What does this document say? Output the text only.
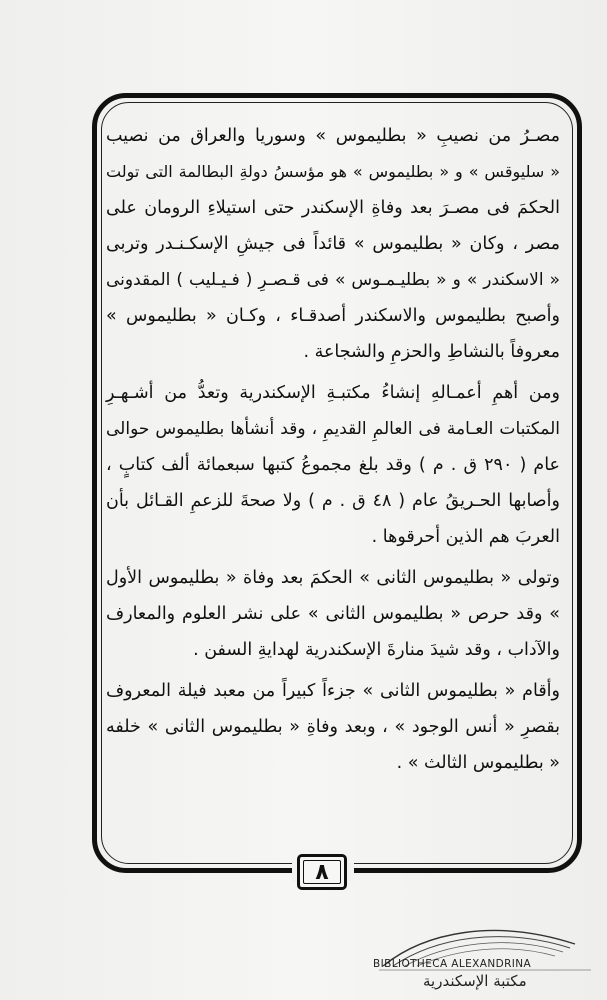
مصـرُ من نصيبِ « بطليموس » وسوريا والعراق من نصيب
« سليوقس » و « بطليموس » هو مؤسسُ دولةِ البطالمة التى تولت
الحكمَ فى مصـرَ بعد وفاةِ الإسكندر حتى استيلاءِ الرومان على
مصر ، وكان « بطليموس » قائداً فى جيشِ الإسكـنـدر وتربى
« الاسكندر » و « بطليـمـوس » فى قـصـرِ ( فـيـليب ) المقدونى
وأصبح بطليموس والاسكندر أصدقـاء ، وكـان « بطليموس »
معروفاً بالنشاطِ والحزمِ والشجاعة .
ومن أهمِ أعمـالهِ إنشاءُ مكتبـةِ الإسكندرية وتعدُّ من أشـهـرِ
المكتبات العـامة فى العالمِ القديمِ ، وقد أنشأها بطليموس حوالى
عام ( ٢٩٠ ق . م ) وقد بلغ مجموعُ كتبها سبعمائة ألف كتابٍ ،
وأصابها الحـريقُ عام ( ٤٨ ق . م ) ولا صحةَ للزعمِ القـائل بأن
العربَ هم الذين أحرقوها .
وتولى « بطليموس الثانى » الحكمَ بعد وفاة « بطليموس الأول
» وقد حرص « بطليموس الثانى » على نشر العلوم والمعارف
والآداب ، وقد شيدَ منارةَ الإسكندرية لهدايةِ السفن .
وأقام « بطليموس الثانى » جزءاً كبيراً من معبد فيلة المعروف
بقصرِ « أنس الوجود » ، وبعد وفاةِ « بطليموس الثانى » خلفه
« بطليموس الثالث » .
٨
BIBLIOTHECA ALEXANDRINA
مكتبة الإسكندرية
